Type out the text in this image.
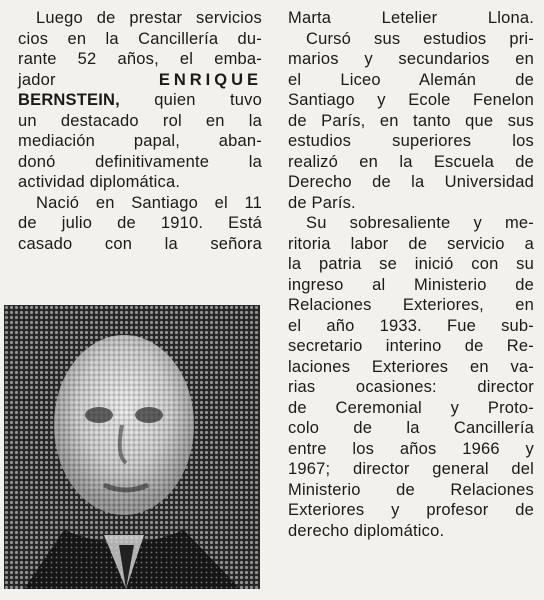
Luego de prestar servicios
cios en la Cancillería du-
rante 52 años, el emba-
jador ENRIQUE
BERNSTEIN, quien tuvo
un destacado rol en la
mediación papal, aban-
donó definitivamente la
actividad diplomática.
Nació en Santiago el 11
de julio de 1910. Está
casado con la señora
Marta Letelier Llona.
Cursó sus estudios pri-
marios y secundarios en
el Liceo Alemán de
Santiago y Ecole Fenelon
de París, en tanto que sus
estudios superiores los
realizó en la Escuela de
Derecho de la Universidad
de París.
Su sobresaliente y me-
ritoria labor de servicio a
la patria se inició con su
ingreso al Ministerio de
Relaciones Exteriores, en
el año 1933. Fue sub-
secretario interino de Re-
laciones Exteriores en va-
rias ocasiones: director
de Ceremonial y Proto-
colo de la Cancillería
entre los años 1966 y
1967; director general del
Ministerio de Relaciones
Exteriores y profesor de
derecho diplomático.
